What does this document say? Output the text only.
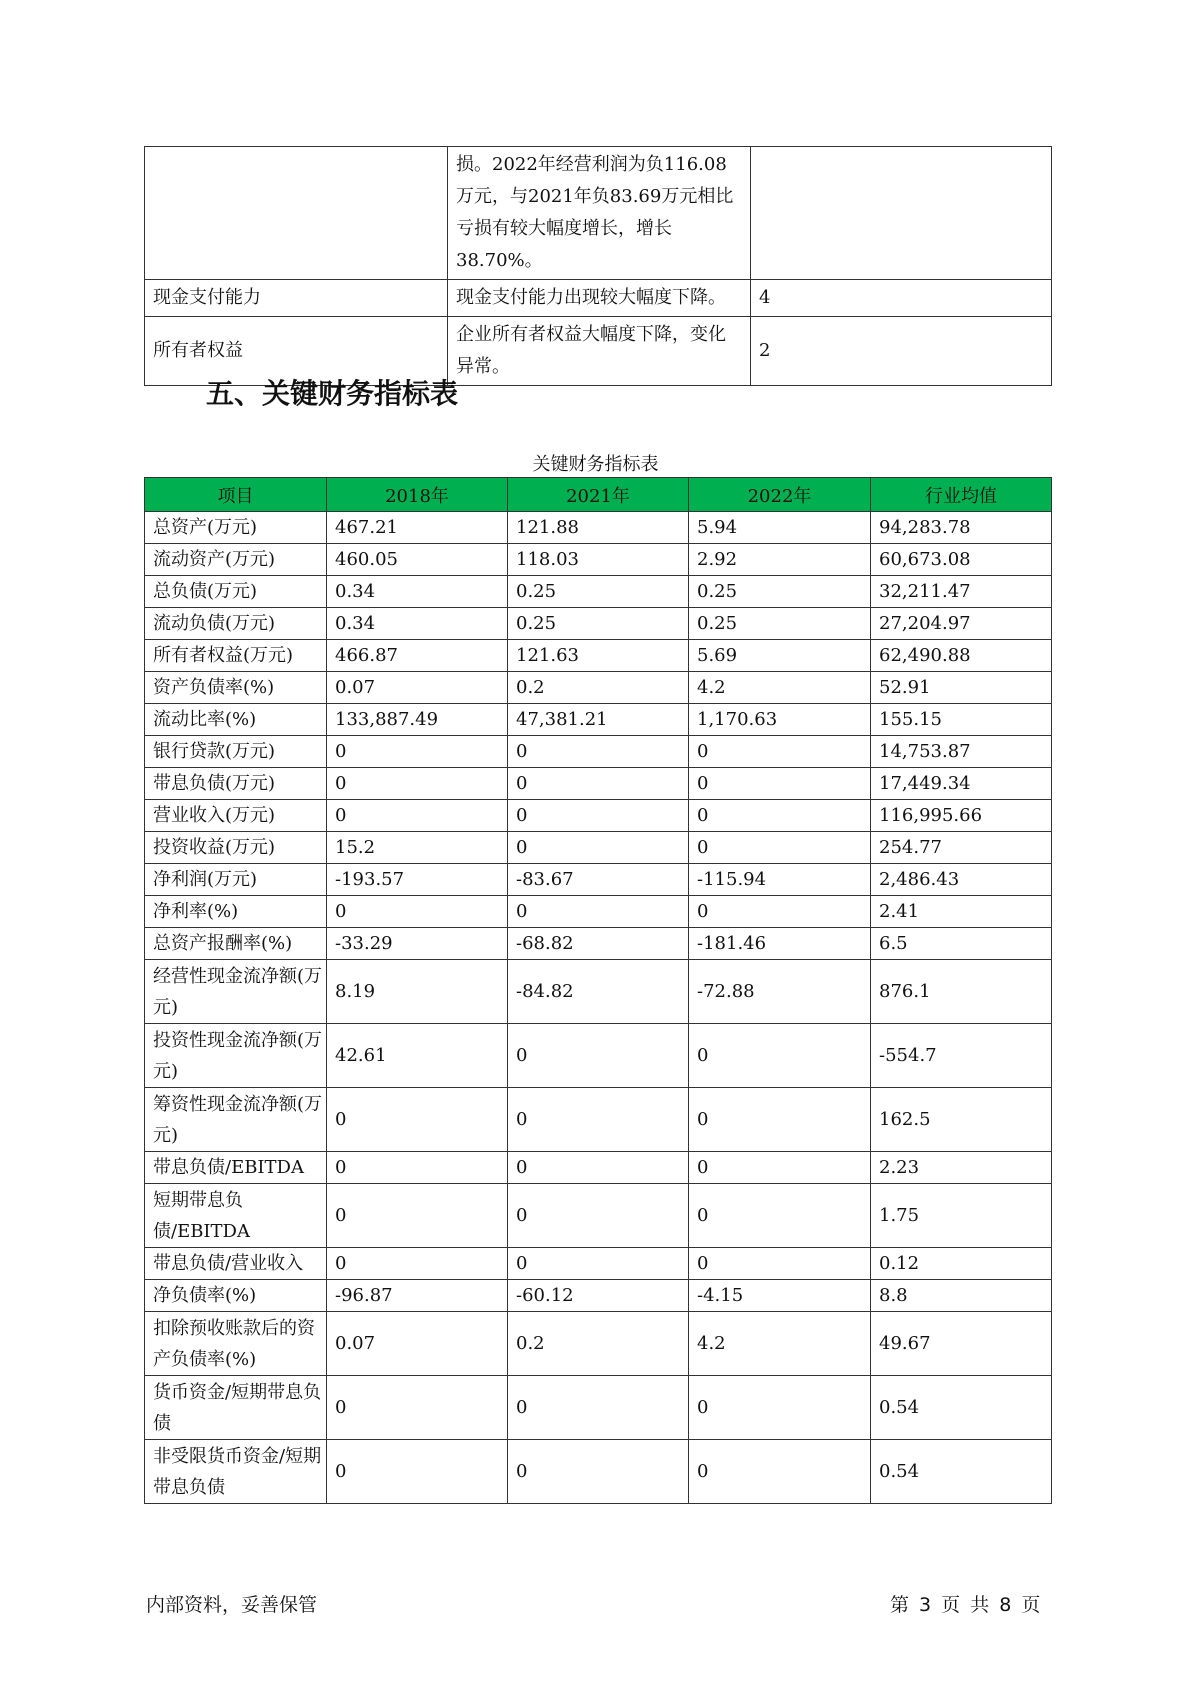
	损。2022年经营利润为负116.08万元，与2021年负83.69万元相比亏损有较大幅度增长，增长38.70%。	
现金支付能力	现金支付能力出现较大幅度下降。	4
所有者权益	企业所有者权益大幅度下降，变化异常。	2
五、关键财务指标表
关键财务指标表
项目	2018年	2021年	2022年	行业均值
总资产(万元)	467.21	121.88	5.94	94,283.78
流动资产(万元)	460.05	118.03	2.92	60,673.08
总负债(万元)	0.34	0.25	0.25	32,211.47
流动负债(万元)	0.34	0.25	0.25	27,204.97
所有者权益(万元)	466.87	121.63	5.69	62,490.88
资产负债率(%)	0.07	0.2	4.2	52.91
流动比率(%)	133,887.49	47,381.21	1,170.63	155.15
银行贷款(万元)	0	0	0	14,753.87
带息负债(万元)	0	0	0	17,449.34
营业收入(万元)	0	0	0	116,995.66
投资收益(万元)	15.2	0	0	254.77
净利润(万元)	-193.57	-83.67	-115.94	2,486.43
净利率(%)	0	0	0	2.41
总资产报酬率(%)	-33.29	-68.82	-181.46	6.5
经营性现金流净额(万元)	8.19	-84.82	-72.88	876.1
投资性现金流净额(万元)	42.61	0	0	-554.7
筹资性现金流净额(万元)	0	0	0	162.5
带息负债/EBITDA	0	0	0	2.23
短期带息负债/EBITDA	0	0	0	1.75
带息负债/营业收入	0	0	0	0.12
净负债率(%)	-96.87	-60.12	-4.15	8.8
扣除预收账款后的资产负债率(%)	0.07	0.2	4.2	49.67
货币资金/短期带息负债	0	0	0	0.54
非受限货币资金/短期带息负债	0	0	0	0.54
内部资料，妥善保管	第 3 页 共 8 页
